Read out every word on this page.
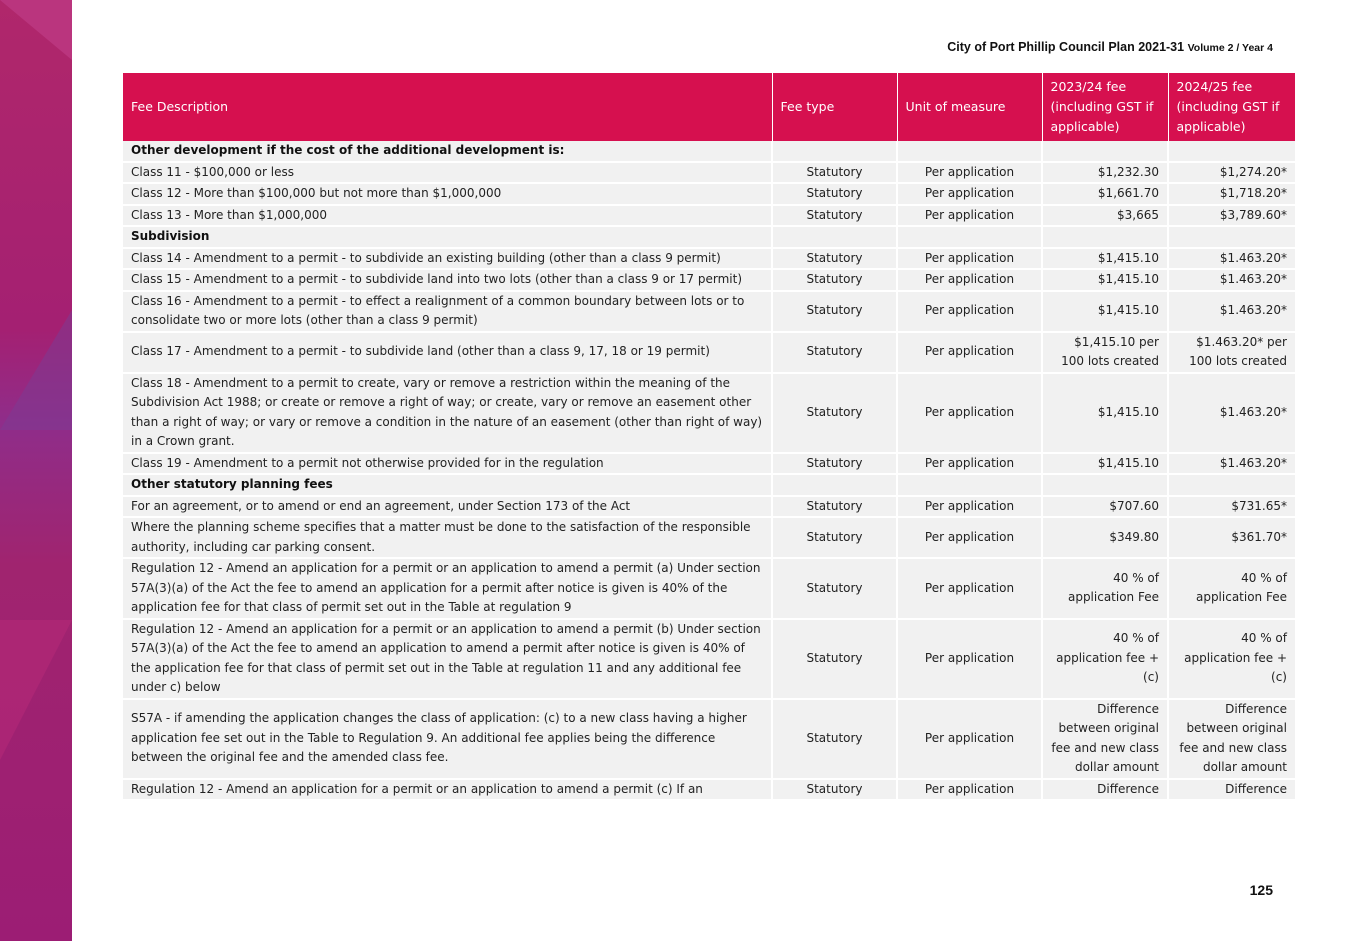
City of Port Phillip Council Plan 2021-31 Volume 2 / Year 4
Fee Description	Fee type	Unit of measure	2023/24 fee (including GST if applicable)	2024/25 fee (including GST if applicable)
Other development if the cost of the additional development is:				
Class 11 - $100,000 or less	Statutory	Per application	$1,232.30	$1,274.20*
Class 12 - More than $100,000 but not more than $1,000,000	Statutory	Per application	$1,661.70	$1,718.20*
Class 13 - More than $1,000,000	Statutory	Per application	$3,665	$3,789.60*
Subdivision				
Class 14 - Amendment to a permit - to subdivide an existing building (other than a class 9 permit)	Statutory	Per application	$1,415.10	$1.463.20*
Class 15 - Amendment to a permit - to subdivide land into two lots (other than a class 9 or 17 permit)	Statutory	Per application	$1,415.10	$1.463.20*
Class 16 - Amendment to a permit - to effect a realignment of a common boundary between lots or to consolidate two or more lots (other than a class 9 permit)	Statutory	Per application	$1,415.10	$1.463.20*
Class 17 - Amendment to a permit - to subdivide land (other than a class 9, 17, 18 or 19 permit)	Statutory	Per application	$1,415.10 per 100 lots created	$1.463.20* per 100 lots created
Class 18 - Amendment to a permit to create, vary or remove a restriction within the meaning of the Subdivision Act 1988; or create or remove a right of way; or create, vary or remove an easement other than a right of way; or vary or remove a condition in the nature of an easement (other than right of way) in a Crown grant.	Statutory	Per application	$1,415.10	$1.463.20*
Class 19 - Amendment to a permit not otherwise provided for in the regulation	Statutory	Per application	$1,415.10	$1.463.20*
Other statutory planning fees				
For an agreement, or to amend or end an agreement, under Section 173 of the Act	Statutory	Per application	$707.60	$731.65*
Where the planning scheme specifies that a matter must be done to the satisfaction of the responsible authority, including car parking consent.	Statutory	Per application	$349.80	$361.70*
Regulation 12 - Amend an application for a permit or an application to amend a permit (a) Under section 57A(3)(a) of the Act the fee to amend an application for a permit after notice is given is 40% of the application fee for that class of permit set out in the Table at regulation 9	Statutory	Per application	40 % of application Fee	40 % of application Fee
Regulation 12 - Amend an application for a permit or an application to amend a permit (b) Under section 57A(3)(a) of the Act the fee to amend an application to amend a permit after notice is given is 40% of the application fee for that class of permit set out in the Table at regulation 11 and any additional fee under c) below	Statutory	Per application	40 % of application fee + (c)	40 % of application fee + (c)
S57A - if amending the application changes the class of application: (c) to a new class having a higher application fee set out in the Table to Regulation 9. An additional fee applies being the difference between the original fee and the amended class fee.	Statutory	Per application	Difference between original fee and new class dollar amount	Difference between original fee and new class dollar amount
Regulation 12 - Amend an application for a permit or an application to amend a permit (c) If an	Statutory	Per application	Difference	Difference
125
